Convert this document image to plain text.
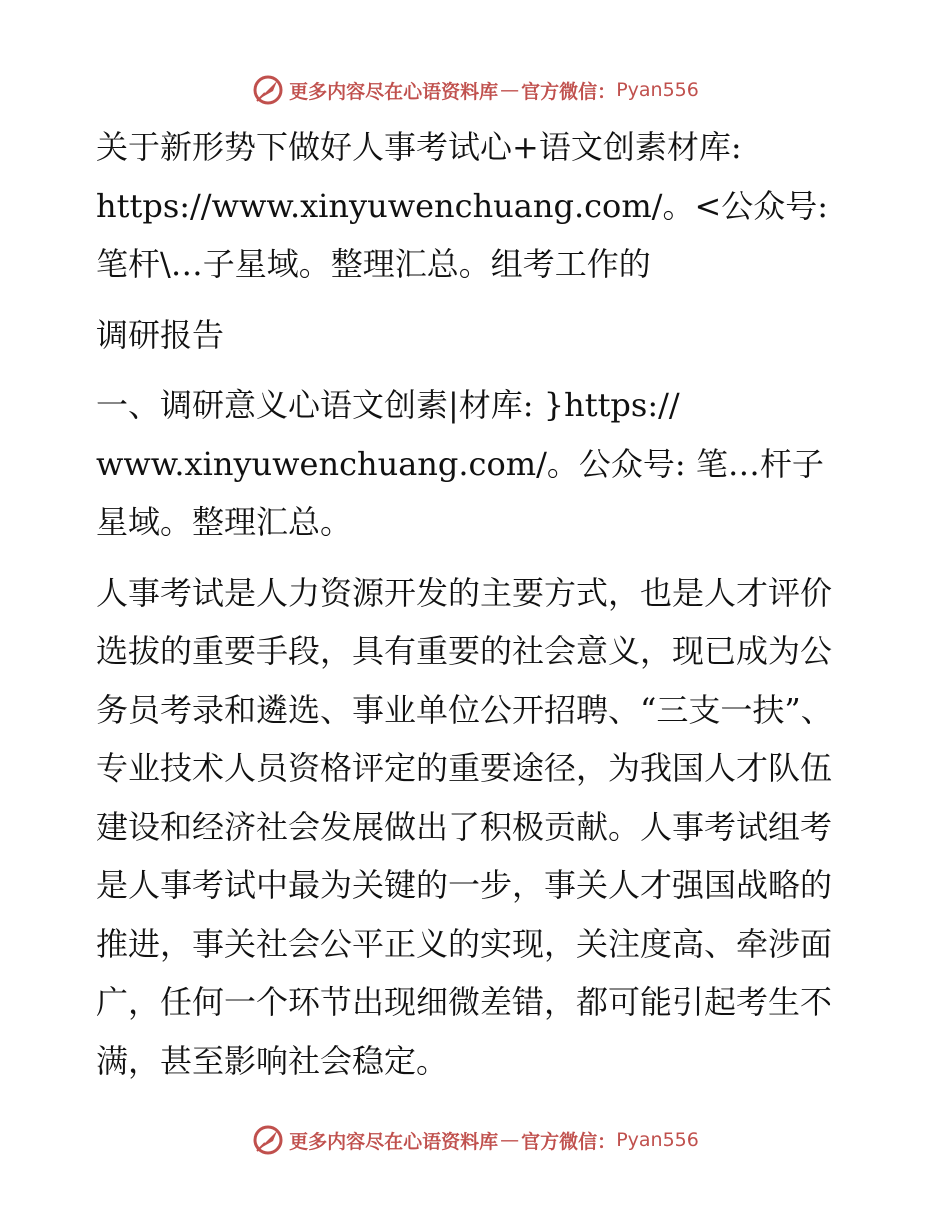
更多内容尽在心语资料库 — 官方微信： Pyan556

关于新形势下做好人事考试心+语文创素材库: https://www.xinyuwenchuang.com/。<公众号: 笔杆\…子星域。整理汇总。组考工作的

调研报告

一、调研意义心语文创素|材库: }https:// www.xinyuwenchuang.com/。公众号: 笔…杆子星域。整理汇总。

人事考试是人力资源开发的主要方式，也是人才评价选拔的重要手段，具有重要的社会意义，现已成为公务员考录和遴选、事业单位公开招聘、“三支一扶”、专业技术人员资格评定的重要途径，为我国人才队伍建设和经济社会发展做出了积极贡献。人事考试组考是人事考试中最为关键的一步，事关人才强国战略的推进，事关社会公平正义的实现，关注度高、牵涉面广，任何一个环节出现细微差错，都可能引起考生不满，甚至影响社会稳定。

更多内容尽在心语资料库 — 官方微信： Pyan556
